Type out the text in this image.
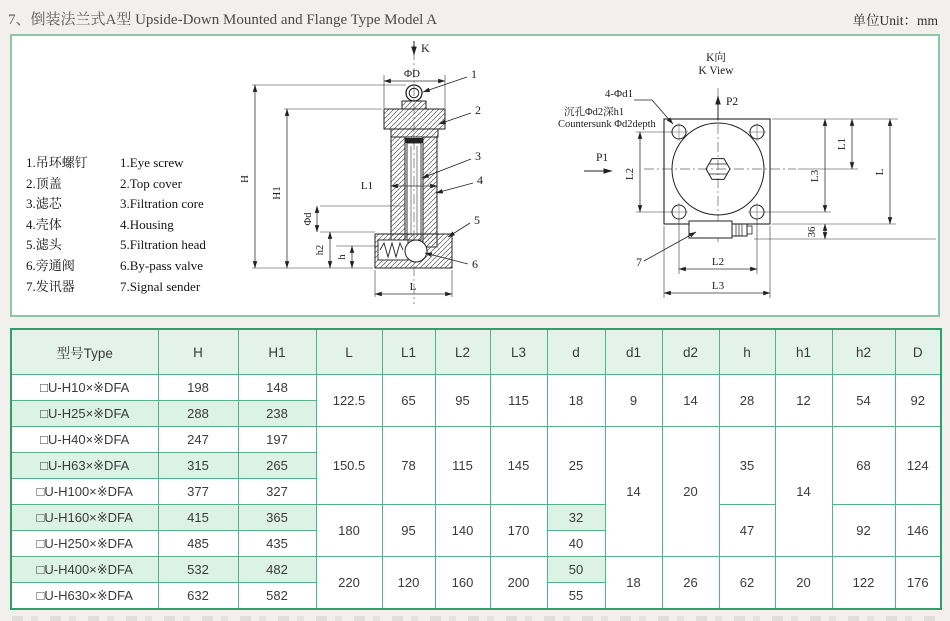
7、倒装法兰式A型 Upside-Down Mounted and Flange Type Model A	单位Unit：mm
1.吊环螺钉 1.Eye screw
2.顶盖	2.Top cover
3.滤芯	3.Filtration core
4.壳体	4.Housing
5.滤头	5.Filtration head
6.旁通阀	6.By-pass valve
7.发讯器	7.Signal sender
K
ΦD
H
H1
L1
Φd
h2
h
L
1
2
3
4
5
6
K向
K View
P2
7
4-Φd1
沉孔Φd2深h1
Countersunk Φd2depth
P1
L2
L1
L3	L
36
L2
L3
型号Type	H	H1	L	L1	L2	L3	d	d1	d2	h	h1	h2	D
□U-H10×※DFA	198	148	122.5	65	95	115	18	9	14	28	12	54	92
□U-H25×※DFA	288	238											
□U-H40×※DFA	247	197	150.5	78	115	145	25	14	20	35	14	68	124
□U-H63×※DFA	315	265											
□U-H100×※DFA	377	327											
□U-H160×※DFA	415	365	180	95	140	170	32			47		92	146
□U-H250×※DFA	485	435					40						
□U-H400×※DFA	532	482	220	120	160	200	50	18	26	62	20	122	176
□U-H630×※DFA	632	582					55						
